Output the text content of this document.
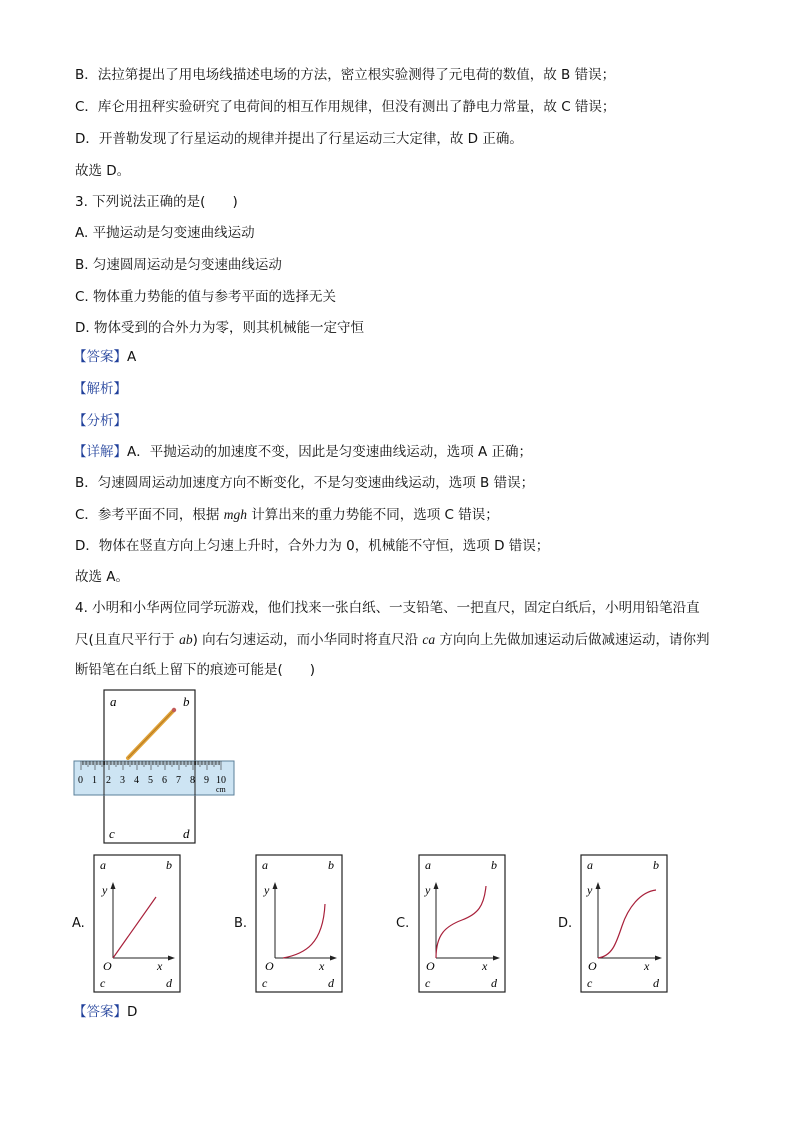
B．法拉第提出了用电场线描述电场的方法，密立根实验测得了元电荷的数值，故 B 错误；
C．库仑用扭秤实验研究了电荷间的相互作用规律，但没有测出了静电力常量，故 C 错误；
D．开普勒发现了行星运动的规律并提出了行星运动三大定律，故 D 正确。
故选 D。
3. 下列说法正确的是(　　)
A. 平抛运动是匀变速曲线运动
B. 匀速圆周运动是匀变速曲线运动
C. 物体重力势能的值与参考平面的选择无关
D. 物体受到的合外力为零，则其机械能一定守恒
【答案】A
【解析】
【分析】
【详解】A．平抛运动的加速度不变，因此是匀变速曲线运动，选项 A 正确；
B．匀速圆周运动加速度方向不断变化，不是匀变速曲线运动，选项 B 错误；
C．参考平面不同，根据 mgh 计算出来的重力势能不同，选项 C 错误；
D．物体在竖直方向上匀速上升时，合外力为 0，机械能不守恒，选项 D 错误；
故选 A。
4. 小明和小华两位同学玩游戏，他们找来一张白纸、一支铅笔、一把直尺，固定白纸后，小明用铅笔沿直
尺(且直尺平行于 ab) 向右匀速运动，而小华同时将直尺沿 ca 方向向上先做加速运动后做减速运动，请你判
断铅笔在白纸上留下的痕迹可能是(　　)
a	b
c	d
0 1 2 3 4 5 6 7 8 9 10
cm
A.	B.	C.	D.
a	b
c	d
y
x
O
a	b
c	d
y
x
O
a	b
c	d
y
x
O
a	b
c	d
y
x
O
【答案】D
